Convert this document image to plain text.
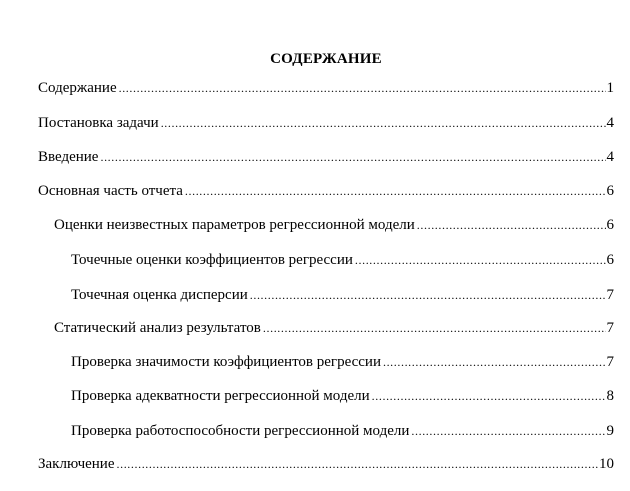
СОДЕРЖАНИЕ
Содержание .....	1
Постановка задачи .....	4
Введение .....	4
Основная часть отчета .....	6
Оценки неизвестных параметров регрессионной модели .....	6
Точечные оценки коэффициентов регрессии .....	6
Точечная оценка дисперсии .....	7
Статический анализ результатов .....	7
Проверка значимости коэффициентов регрессии .....	7
Проверка адекватности регрессионной модели .....	8
Проверка работоспособности регрессионной модели .....	9
Заключение .....	10
